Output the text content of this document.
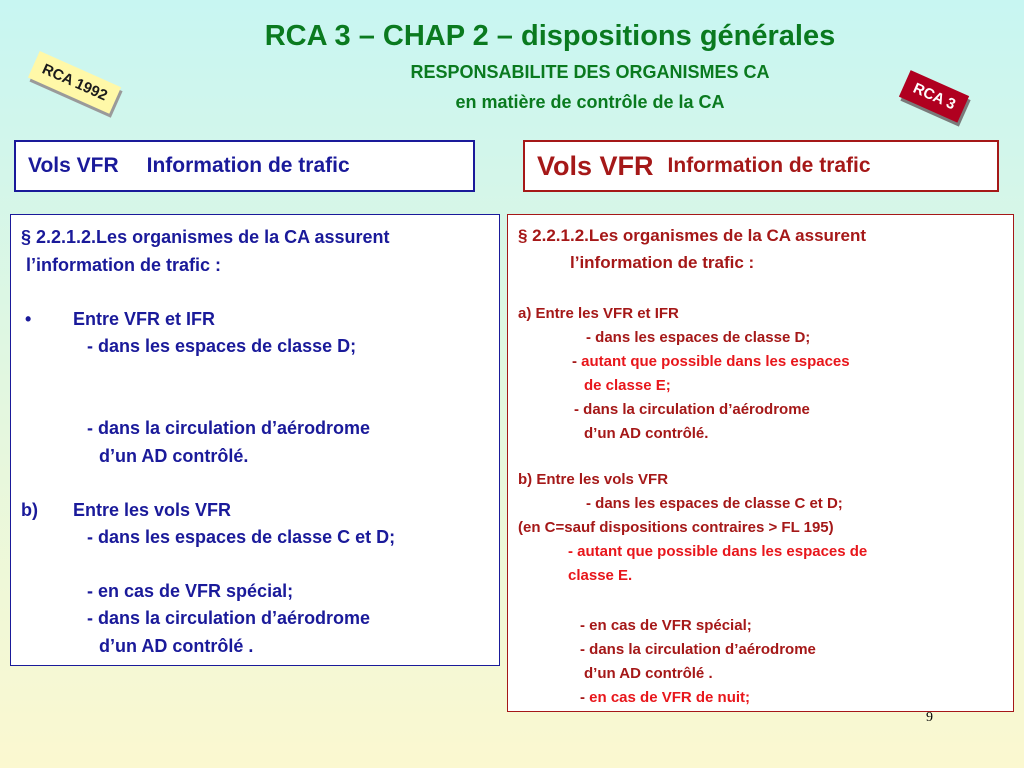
RCA 3 – CHAP 2 – dispositions générales
RESPONSABILITE DES ORGANISMES CA
en matière de contrôle de la CA
RCA 1992	RCA 3
Vols VFR Information de trafic	Vols VFR Information de trafic
§ 2.2.1.2.Les organismes de la CA assurent
l’information de trafic :
• Entre VFR et IFR
- dans les espaces de classe D;
- dans la circulation d’aérodrome
d’un AD contrôlé.
b) Entre les vols VFR
- dans les espaces de classe C et D;
- en cas de VFR spécial;
- dans la circulation d’aérodrome
d’un AD contrôlé .
§ 2.2.1.2.Les organismes de la CA assurent
l’information de trafic :
a) Entre les VFR et IFR
- dans les espaces de classe D;
- autant que possible dans les espaces
de classe E;
- dans la circulation d’aérodrome
d’un AD contrôlé.
b) Entre les vols VFR
- dans les espaces de classe C et D;
(en C=sauf dispositions contraires > FL 195)
- autant que possible dans les espaces de
classe E.
- en cas de VFR spécial;
- dans la circulation d’aérodrome
d’un AD contrôlé .
- en cas de VFR de nuit;
9
